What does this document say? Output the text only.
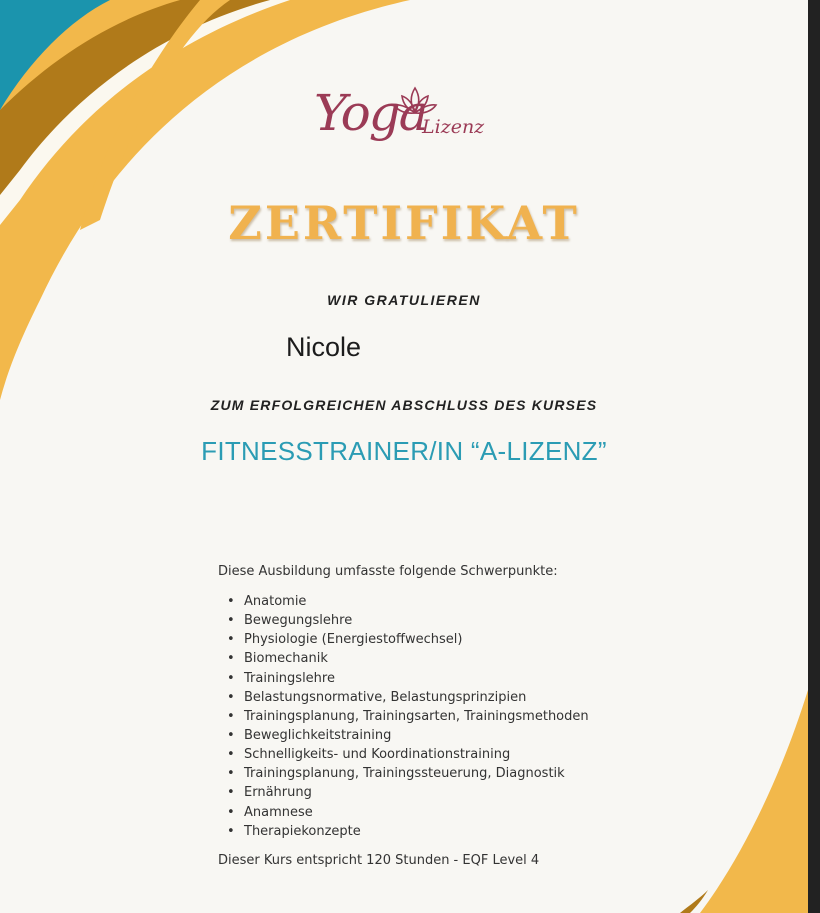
Yoga
Lizenz
ZERTIFIKAT
WIR GRATULIEREN
Nicole
ZUM ERFOLGREICHEN ABSCHLUSS DES KURSES
FITNESSTRAINER/IN “A-LIZENZ”
Diese Ausbildung umfasste folgende Schwerpunkte:
• Anatomie
• Bewegungslehre
• Physiologie (Energiestoffwechsel)
• Biomechanik
• Trainingslehre
• Belastungsnormative, Belastungsprinzipien
• Trainingsplanung, Trainingsarten, Trainingsmethoden
• Beweglichkeitstraining
• Schnelligkeits- und Koordinationstraining
• Trainingsplanung, Trainingssteuerung, Diagnostik
• Ernährung
• Anamnese
• Therapiekonzepte
Dieser Kurs entspricht 120 Stunden - EQF Level 4
